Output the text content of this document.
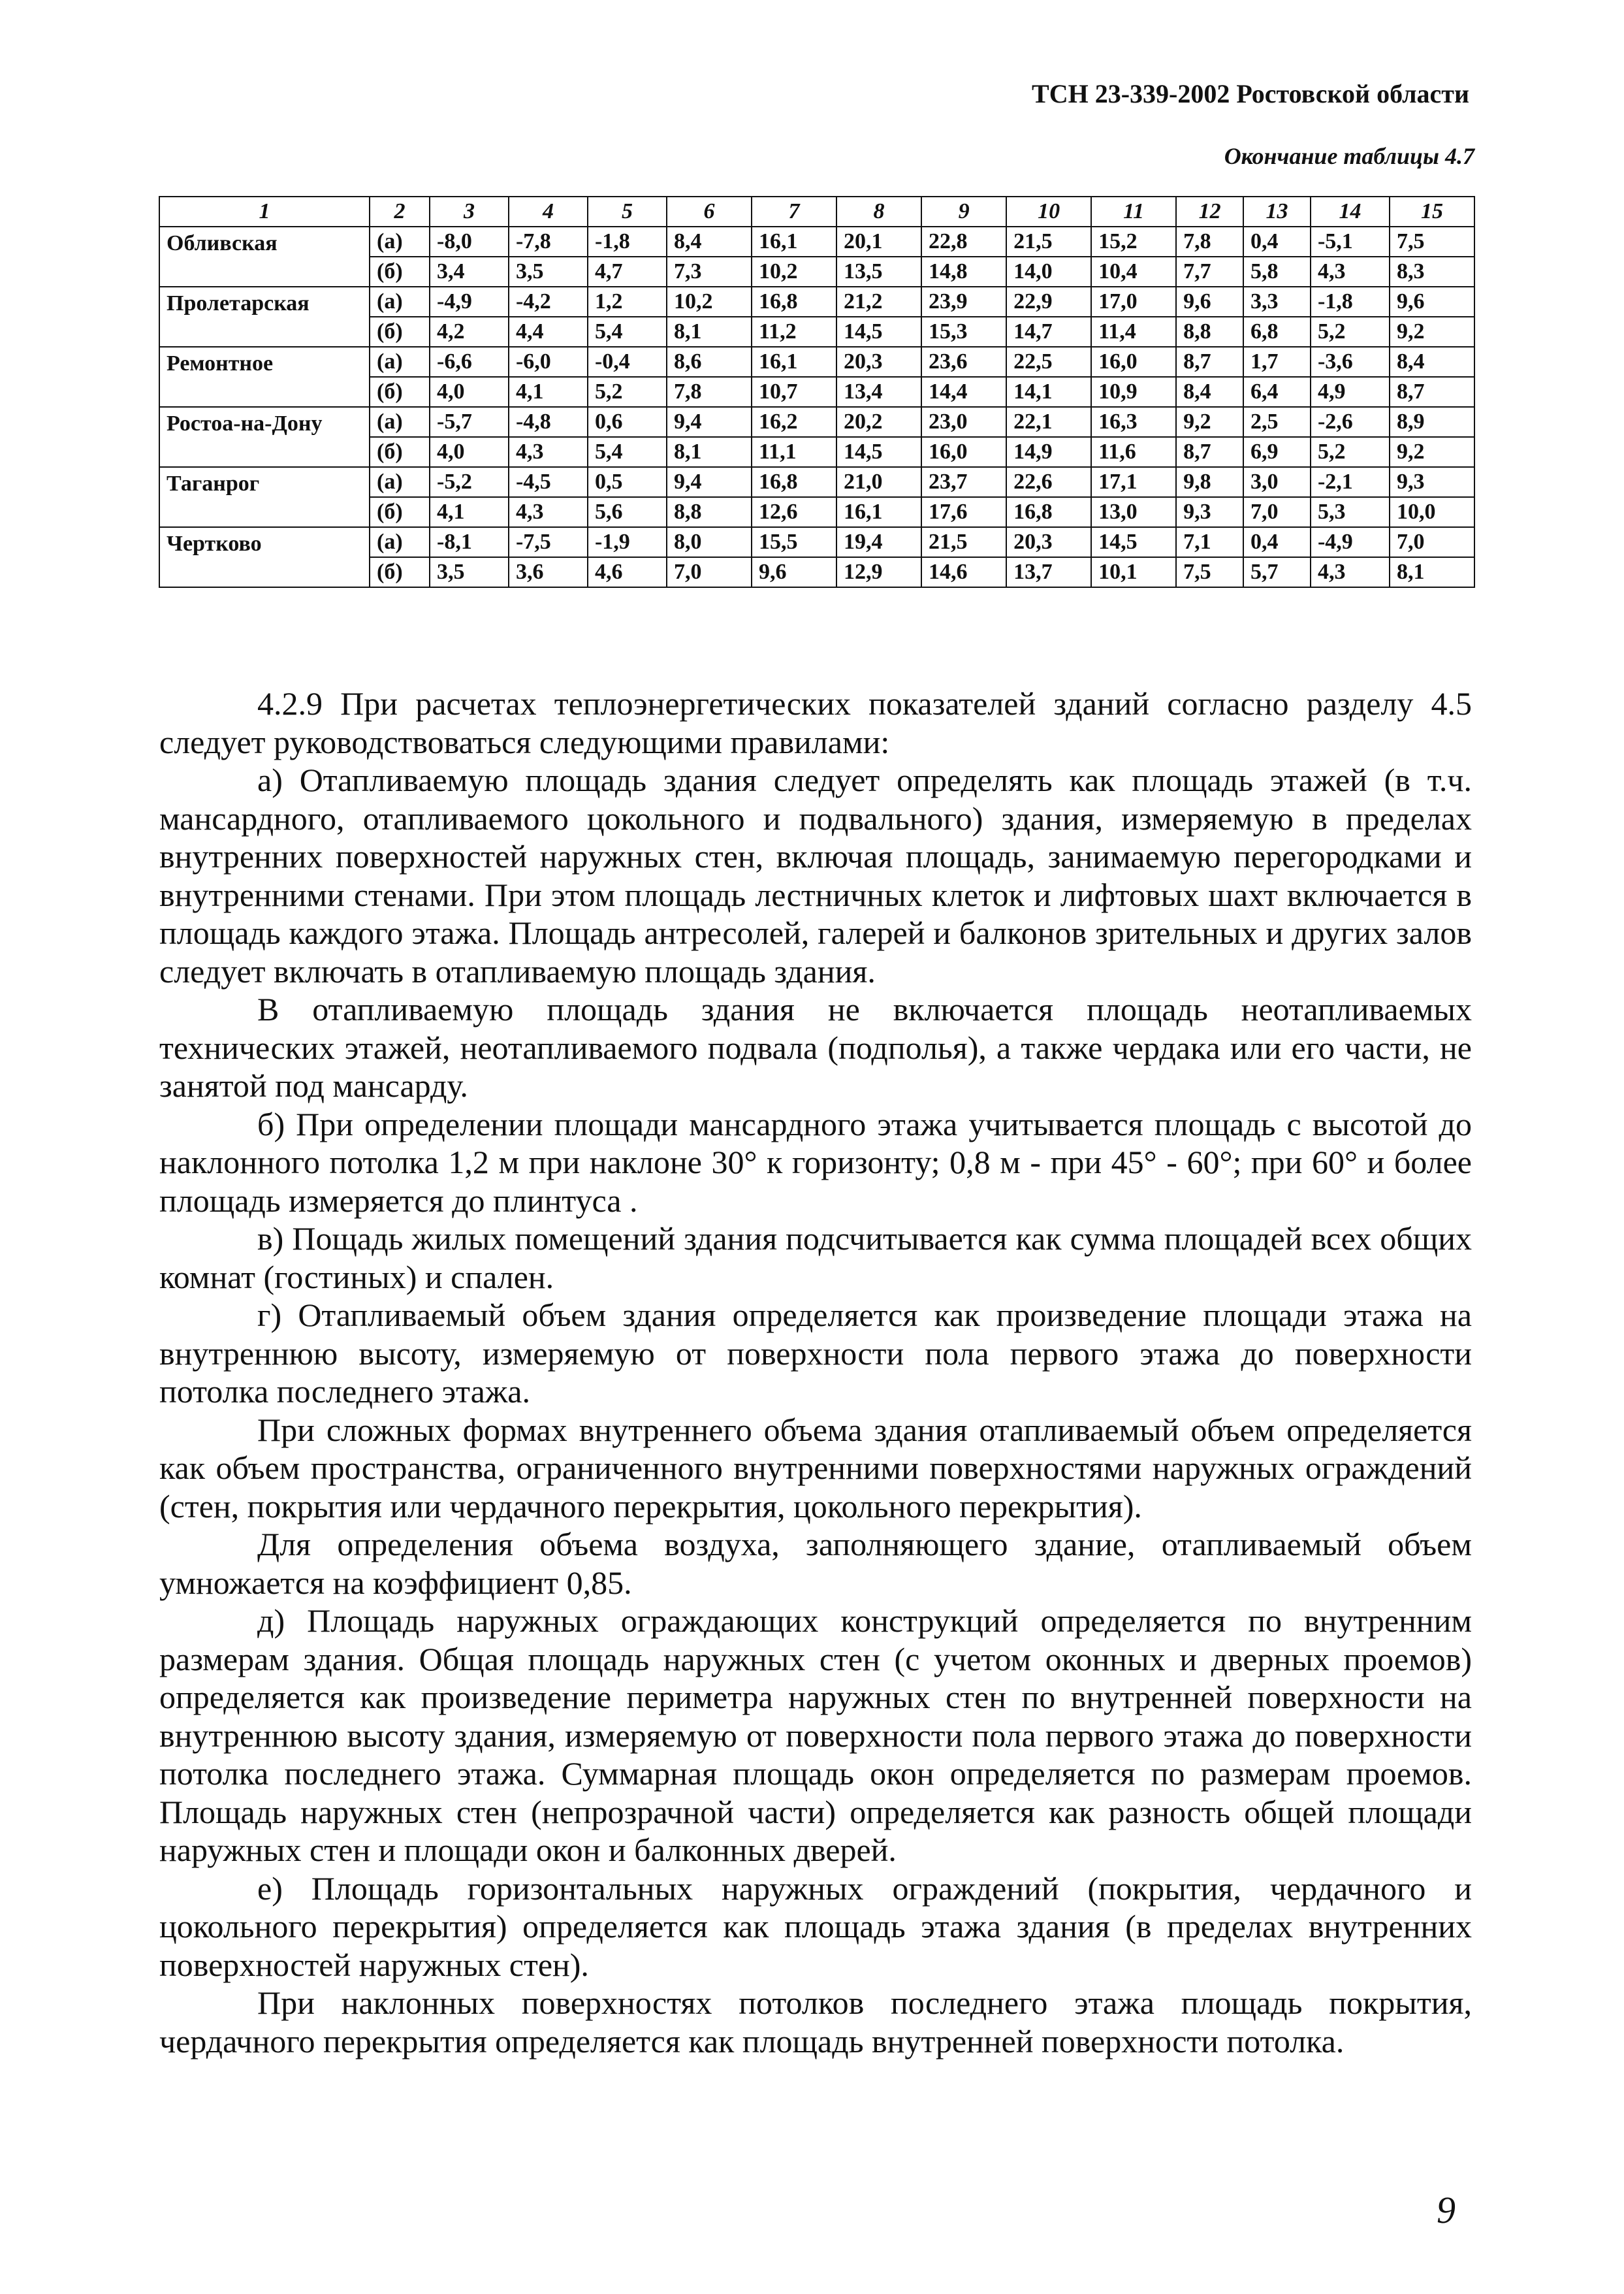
ТСН 23-339-2002 Ростовской области
Окончание таблицы 4.7
1	2	3	4	5	6	7	8	9	10	11	12	13	14	15
Обливская	(а)	-8,0	-7,8	-1,8	8,4	16,1	20,1	22,8	21,5	15,2	7,8	0,4	-5,1	7,5
	(б)	3,4	3,5	4,7	7,3	10,2	13,5	14,8	14,0	10,4	7,7	5,8	4,3	8,3
Пролетарская	(а)	-4,9	-4,2	1,2	10,2	16,8	21,2	23,9	22,9	17,0	9,6	3,3	-1,8	9,6
	(б)	4,2	4,4	5,4	8,1	11,2	14,5	15,3	14,7	11,4	8,8	6,8	5,2	9,2
Ремонтное	(а)	-6,6	-6,0	-0,4	8,6	16,1	20,3	23,6	22,5	16,0	8,7	1,7	-3,6	8,4
	(б)	4,0	4,1	5,2	7,8	10,7	13,4	14,4	14,1	10,9	8,4	6,4	4,9	8,7
Ростоа-на-Дону	(а)	-5,7	-4,8	0,6	9,4	16,2	20,2	23,0	22,1	16,3	9,2	2,5	-2,6	8,9
	(б)	4,0	4,3	5,4	8,1	11,1	14,5	16,0	14,9	11,6	8,7	6,9	5,2	9,2
Таганрог	(а)	-5,2	-4,5	0,5	9,4	16,8	21,0	23,7	22,6	17,1	9,8	3,0	-2,1	9,3
	(б)	4,1	4,3	5,6	8,8	12,6	16,1	17,6	16,8	13,0	9,3	7,0	5,3	10,0
Чертково	(а)	-8,1	-7,5	-1,9	8,0	15,5	19,4	21,5	20,3	14,5	7,1	0,4	-4,9	7,0
	(б)	3,5	3,6	4,6	7,0	9,6	12,9	14,6	13,7	10,1	7,5	5,7	4,3	8,1

4.2.9 При расчетах теплоэнергетических показателей зданий согласно разделу 4.5 следует руководствоваться следующими правилами:

а) Отапливаемую площадь здания следует определять как площадь этажей (в т.ч. мансардного, отапливаемого цокольного и подвального) здания, измеряемую в пределах внутренних поверхностей наружных стен, включая площадь, занимаемую перегородками и внутренними стенами. При этом площадь лестничных клеток и лифтовых шахт включается в площадь каждого этажа. Площадь антресолей, галерей и балконов зрительных и других залов следует включать в отапливаемую площадь здания.

В отапливаемую площадь здания не включается площадь неотапливаемых технических этажей, неотапливаемого подвала (подполья), а также чердака или его части, не занятой под мансарду.

б) При определении площади мансардного этажа учитывается площадь с высотой до наклонного потолка 1,2 м при наклоне 30° к горизонту; 0,8 м - при 45° - 60°; при 60° и более площадь измеряется до плинтуса .

в) Пощадь жилых помещений здания подсчитывается как сумма площадей всех общих комнат (гостиных) и спален.

г) Отапливаемый объем здания определяется как произведение площади этажа на внутреннюю высоту, измеряемую от поверхности пола первого этажа до поверхности потолка последнего этажа.

При сложных формах внутреннего объема здания отапливаемый объем определяется как объем пространства, ограниченного внутренними поверхностями наружных ограждений (стен, покрытия или чердачного перекрытия, цокольного перекрытия).

Для определения объема воздуха, заполняющего здание, отапливаемый объем умножается на коэффициент 0,85.

д) Площадь наружных ограждающих конструкций определяется по внутренним размерам здания. Общая площадь наружных стен (с учетом оконных и дверных проемов) определяется как произведение периметра наружных стен по внутренней поверхности на внутреннюю высоту здания, измеряемую от поверхности пола первого этажа до поверхности потолка последнего этажа. Суммарная площадь окон определяется по размерам проемов. Площадь наружных стен (непрозрачной части) определяется как разность общей площади наружных стен и площади окон и балконных дверей.

е) Площадь горизонтальных наружных ограждений (покрытия, чердачного и цокольного перекрытия) определяется как площадь этажа здания (в пределах внутренних поверхностей наружных стен).

При наклонных поверхностях потолков последнего этажа площадь покрытия, чердачного перекрытия определяется как площадь внутренней поверхности потолка.

9
